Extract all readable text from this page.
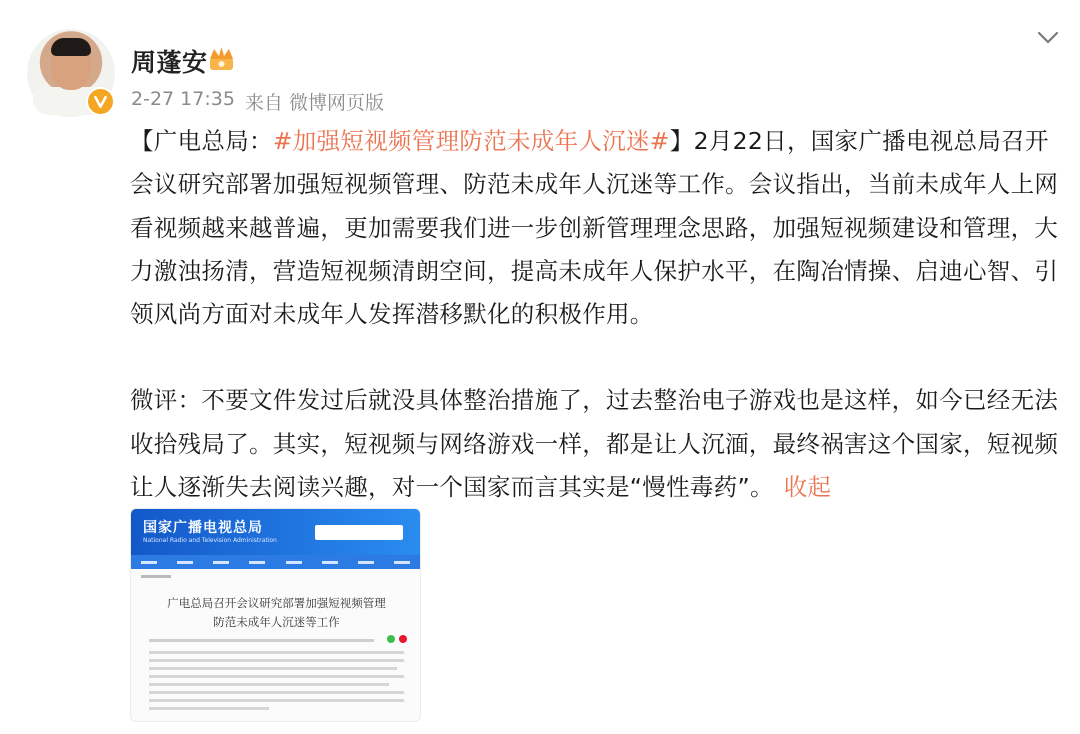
周蓬安
2-27 17:35 来自 微博网页版

【广电总局：#加强短视频管理防范未成年人沉迷#】2月22日，国家广播电视总局召开会议研究部署加强短视频管理、防范未成年人沉迷等工作。会议指出，当前未成年人上网看视频越来越普遍，更加需要我们进一步创新管理理念思路，加强短视频建设和管理，大力激浊扬清，营造短视频清朗空间，提高未成年人保护水平，在陶冶情操、启迪心智、引领风尚方面对未成年人发挥潜移默化的积极作用。

微评：不要文件发过后就没具体整治措施了，过去整治电子游戏也是这样，如今已经无法收拾残局了。其实，短视频与网络游戏一样，都是让人沉湎，最终祸害这个国家，短视频让人逐渐失去阅读兴趣，对一个国家而言其实是“慢性毒药”。 收起

国家广播电视总局
National Radio and Television Administration
广电总局召开会议研究部署加强短视频管理
防范未成年人沉迷等工作
